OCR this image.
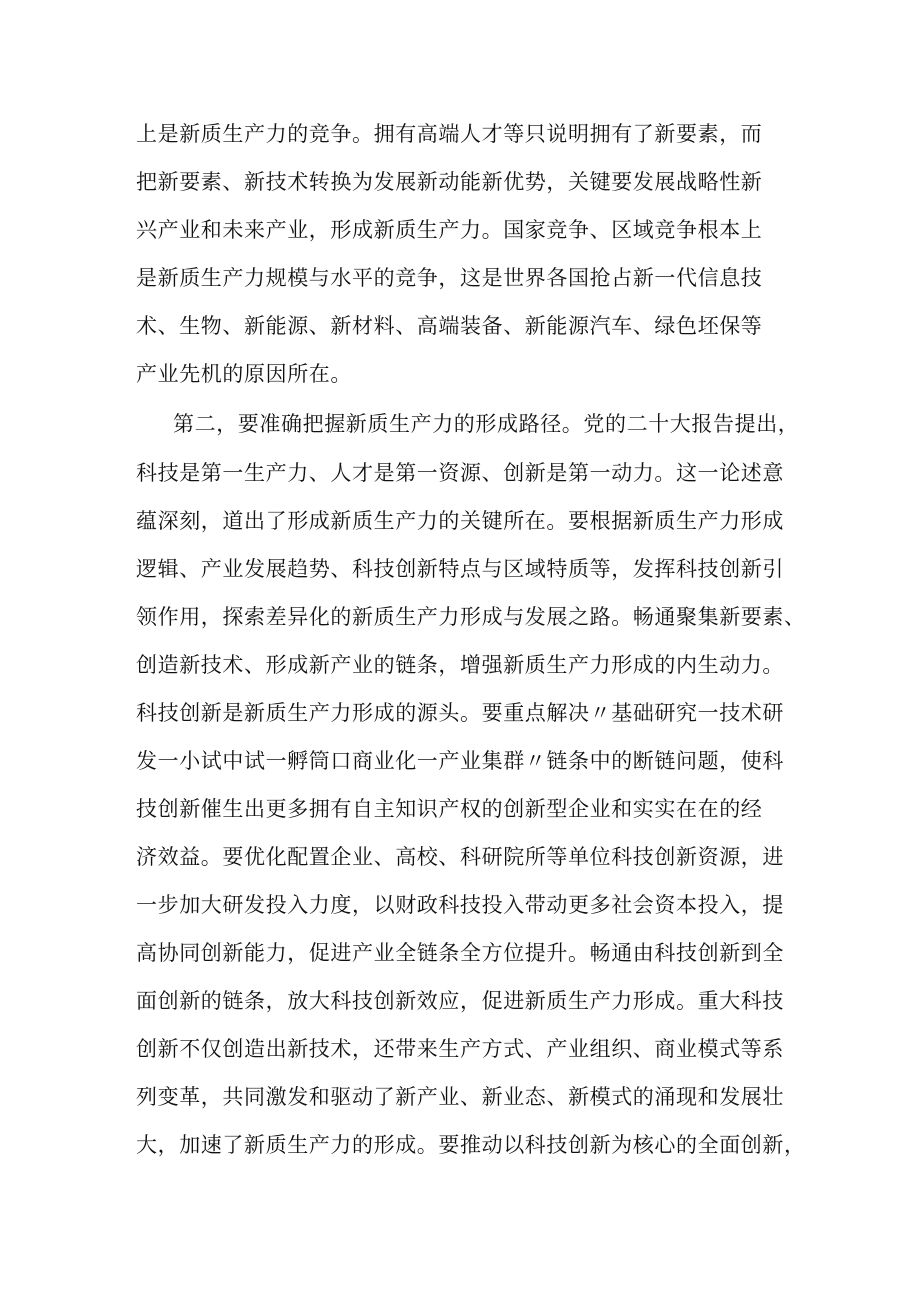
上是新质生产力的竞争。拥有高端人才等只说明拥有了新要素，而
把新要素、新技术转换为发展新动能新优势，关键要发展战略性新
兴产业和未来产业，形成新质生产力。国家竞争、区域竞争根本上
是新质生产力规模与水平的竞争，这是世界各国抢占新一代信息技
术、生物、新能源、新材料、高端装备、新能源汽车、绿色坯保等
产业先机的原因所在。
第二，要准确把握新质生产力的形成路径。党的二十大报告提出，
科技是第一生产力、人才是第一资源、创新是第一动力。这一论述意
蕴深刻，道出了形成新质生产力的关键所在。要根据新质生产力形成
逻辑、产业发展趋势、科技创新特点与区域特质等，发挥科技创新引
领作用，探索差异化的新质生产力形成与发展之路。畅通聚集新要素、
创造新技术、形成新产业的链条，增强新质生产力形成的内生动力。
科技创新是新质生产力形成的源头。要重点解决〃基础研究一技术研
发一小试中试一孵筒口商业化一产业集群〃链条中的断链问题，使科
技创新催生出更多拥有自主知识产权的创新型企业和实实在在的经
济效益。要优化配置企业、高校、科研院所等单位科技创新资源，进
一步加大研发投入力度，以财政科技投入带动更多社会资本投入，提
高协同创新能力，促进产业全链条全方位提升。畅通由科技创新到全
面创新的链条，放大科技创新效应，促进新质生产力形成。重大科技
创新不仅创造出新技术，还带来生产方式、产业组织、商业模式等系
列变革，共同激发和驱动了新产业、新业态、新模式的涌现和发展壮
大，加速了新质生产力的形成。要推动以科技创新为核心的全面创新，
